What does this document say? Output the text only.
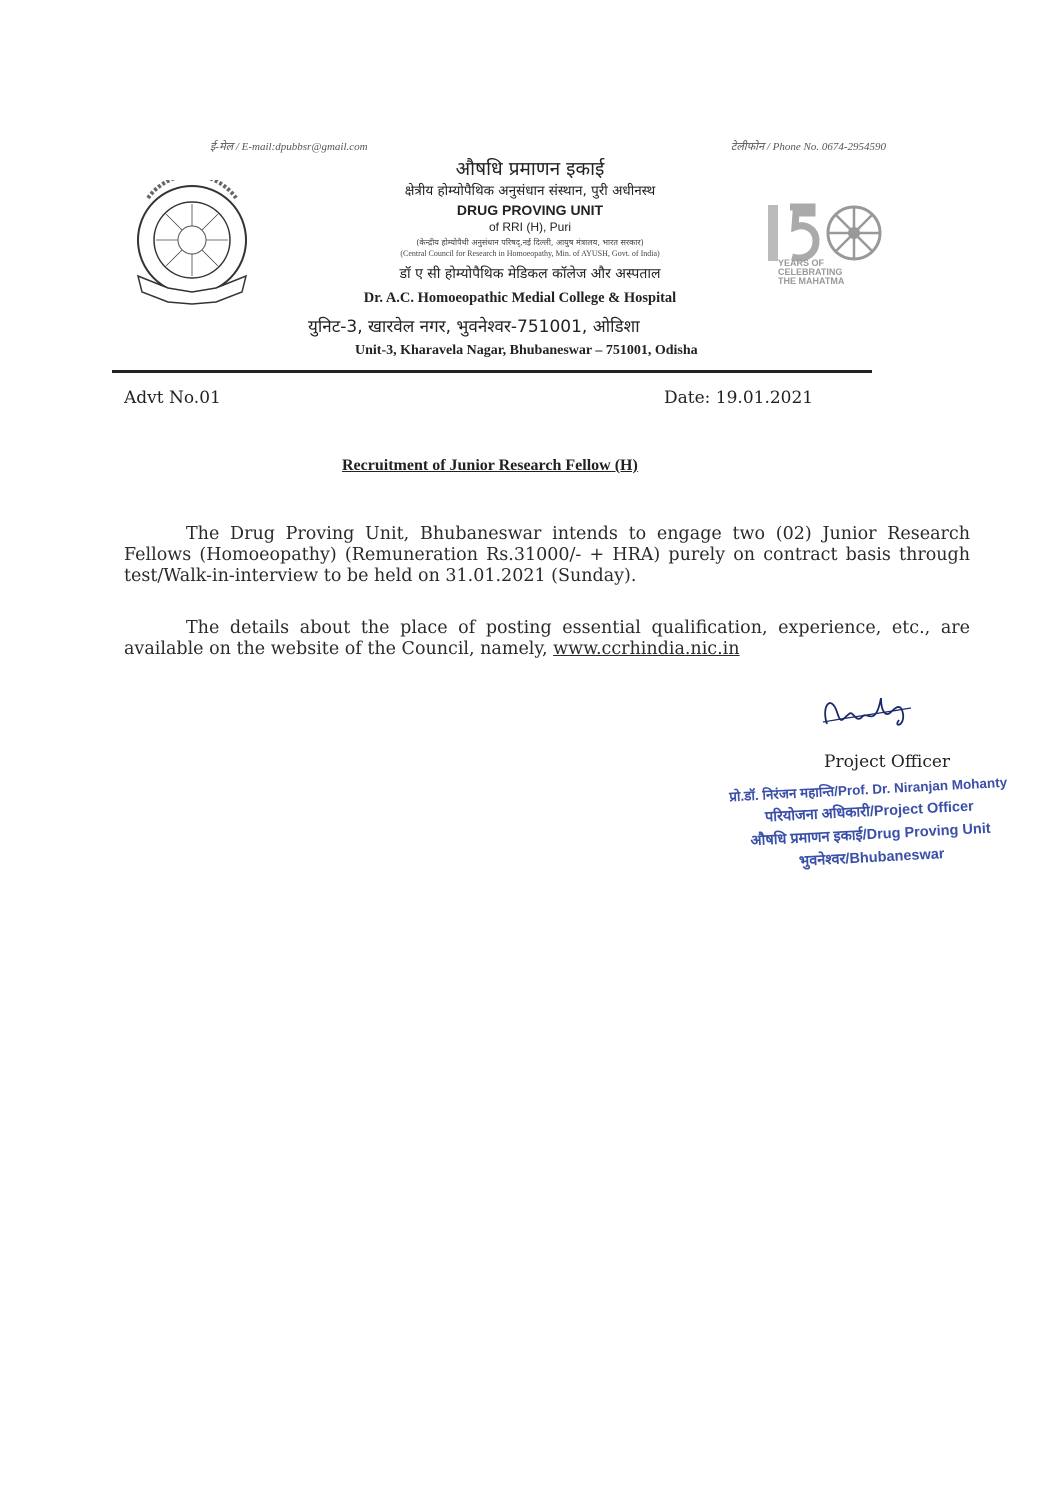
ई-मेल / E-mail:dpubbsr@gmail.com	टेलीफोन / Phone No. 0674-2954590
औषधि प्रमाणन इकाई
क्षेत्रीय होम्योपैथिक अनुसंधान संस्थान, पुरी अधीनस्थ
DRUG PROVING UNIT
of RRI (H), Puri
(केन्द्रीय होम्योपैथी अनुसंधान परिषद्,नई दिल्ली, आयुष मंत्रालय, भारत सरकार)
(Central Council for Research in Homoeopathy, Min. of AYUSH, Govt. of India)
डॉ ए सी होम्योपैथिक मेडिकल कॉलेज और अस्पताल
Dr. A.C. Homoeopathic Medial College & Hospital
युनिट-3, खारवेल नगर, भुवनेश्वर-751001, ओडिशा
Unit-3, Kharavela Nagar, Bhubaneswar – 751001, Odisha
YEARS OF
CELEBRATING
THE MAHATMA
Advt No.01	Date: 19.01.2021
Recruitment of Junior Research Fellow (H)
The Drug Proving Unit, Bhubaneswar intends to engage two (02) Junior Research Fellows (Homoeopathy) (Remuneration Rs.31000/- + HRA) purely on contract basis through test/Walk-in-interview to be held on 31.01.2021 (Sunday).
The details about the place of posting essential qualification, experience, etc., are available on the website of the Council, namely, www.ccrhindia.nic.in
Project Officer
प्रो.डॉ. निरंजन महान्ति/Prof. Dr. Niranjan Mohanty
परियोजना अधिकारी/Project Officer
औषधि प्रमाणन इकाई/Drug Proving Unit
भुवनेश्वर/Bhubaneswar
